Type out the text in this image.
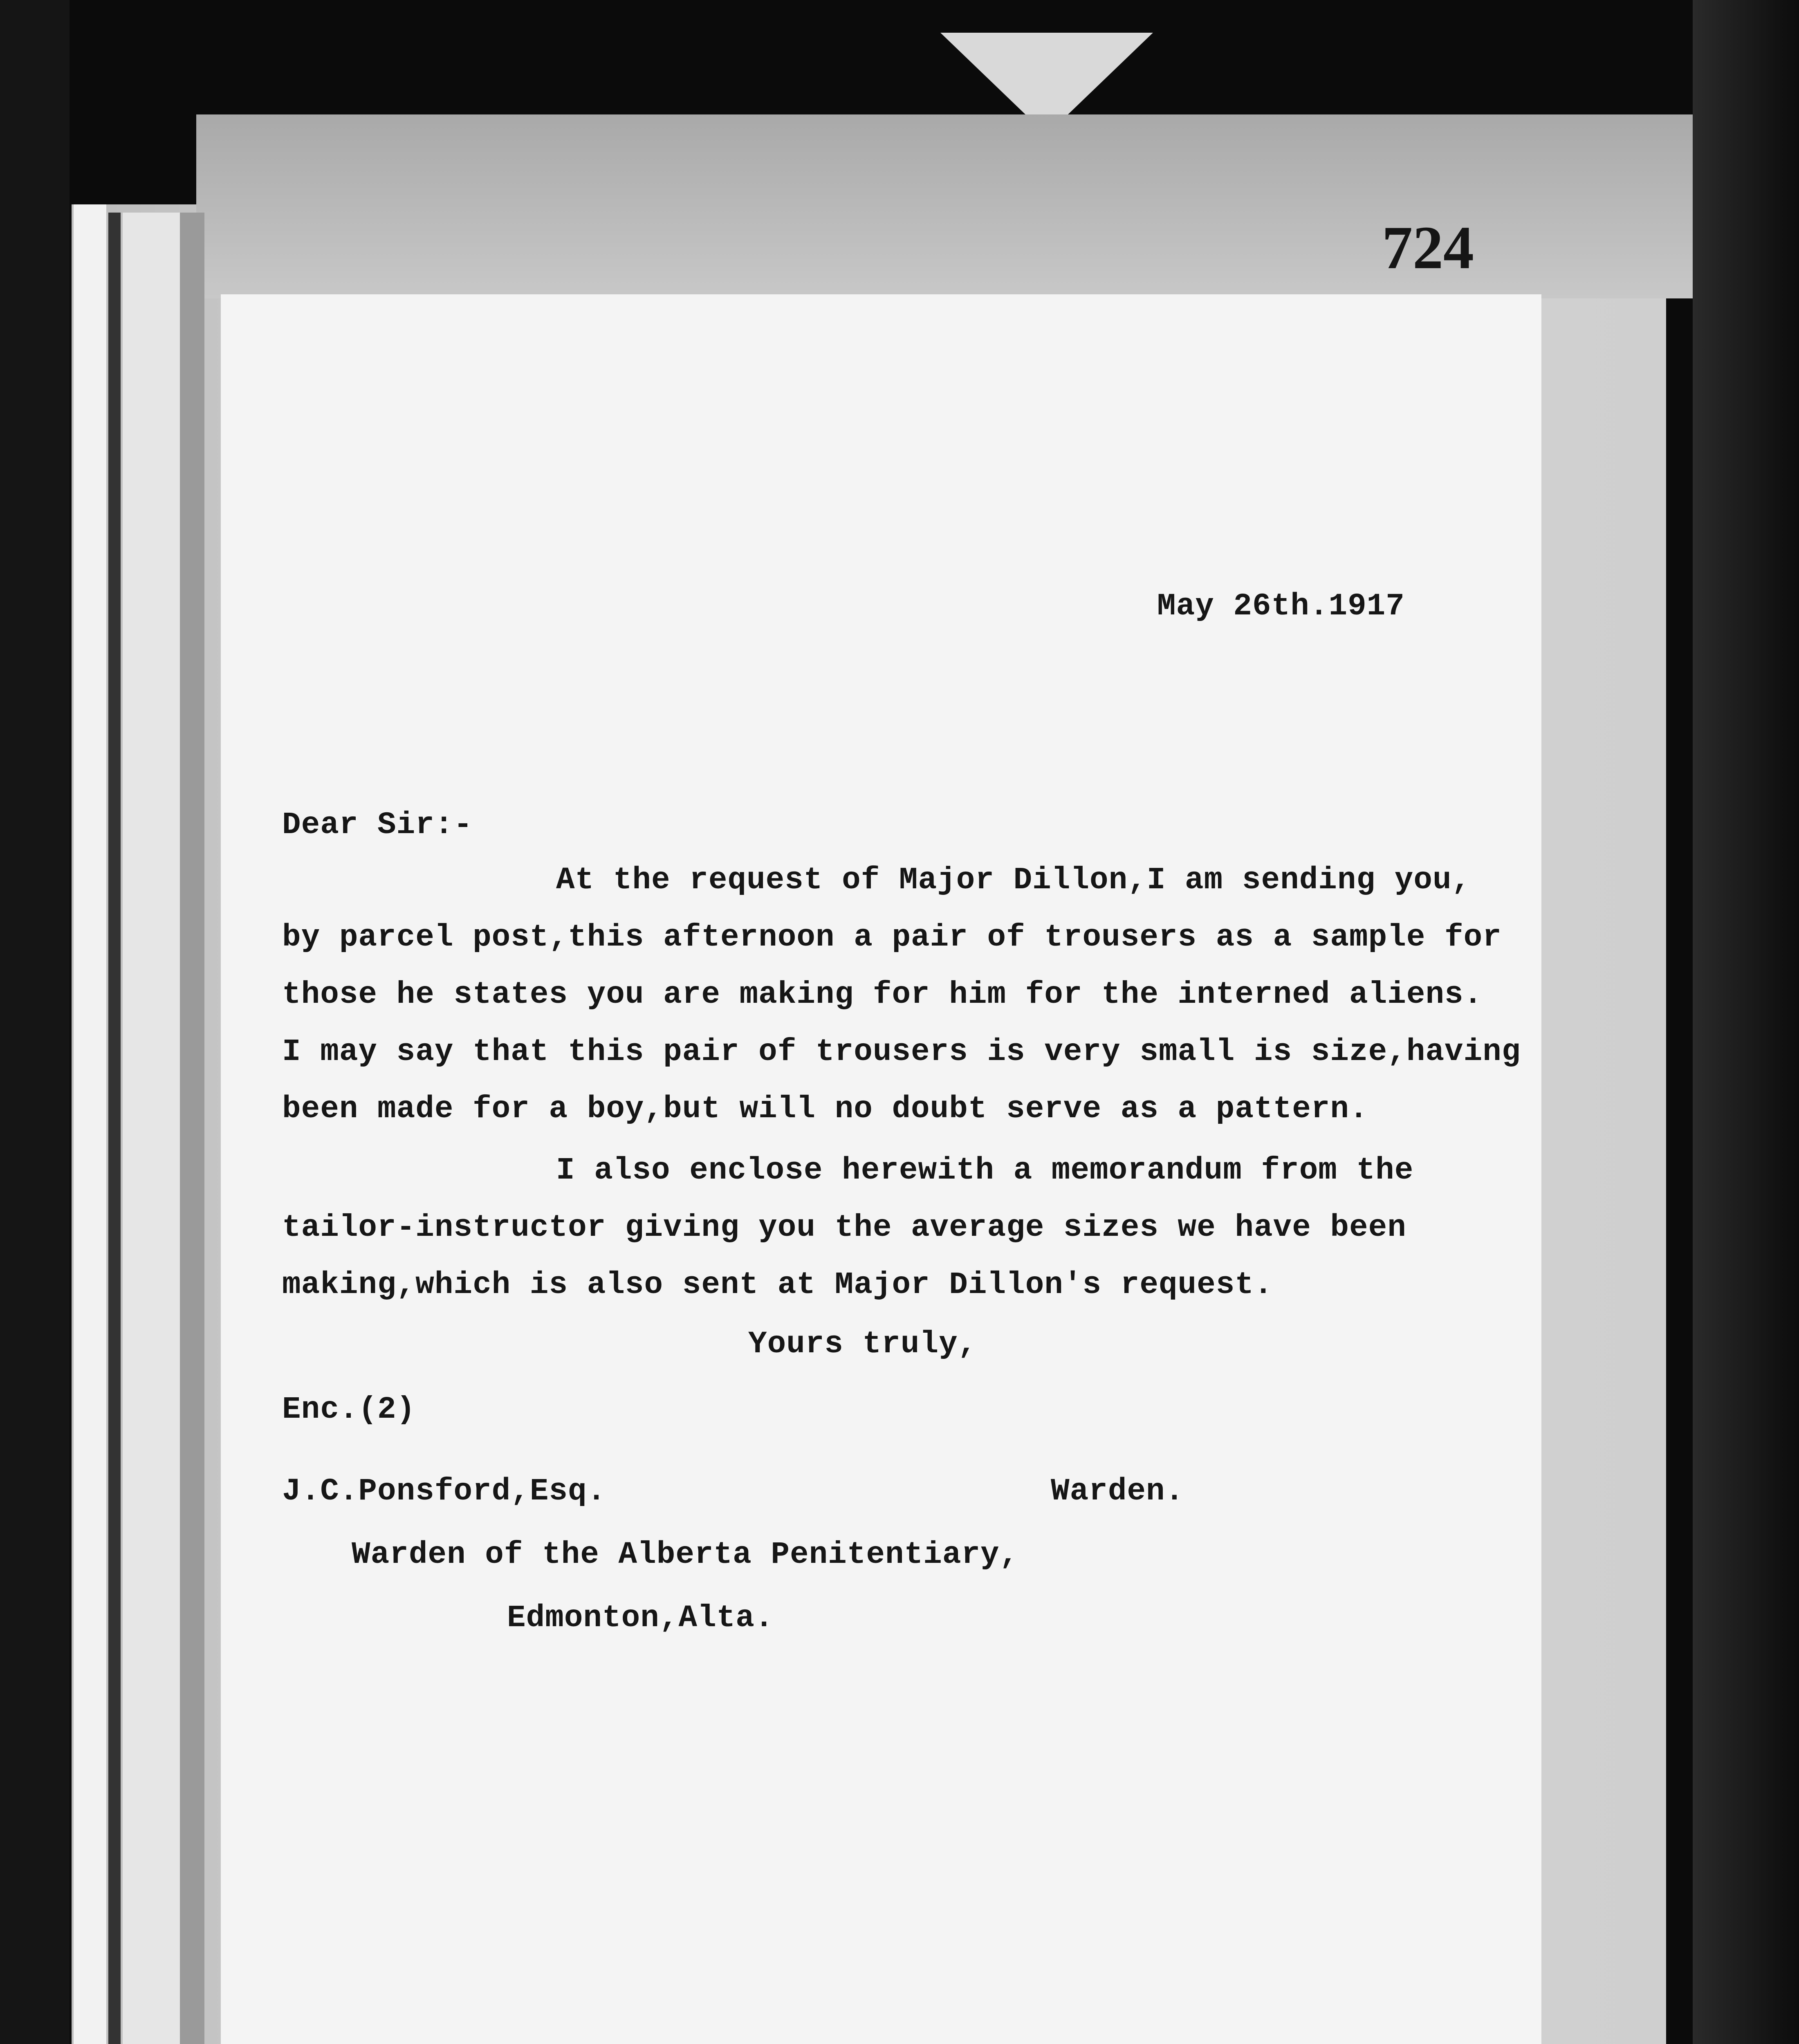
724
May 26th.1917
Dear Sir:-
At the request of Major Dillon,I am sending you,
by parcel post,this afternoon a pair of trousers as a sample for
those he states you are making for him for the interned aliens.
I may say that this pair of trousers is very small is size,having
been made for a boy,but will no doubt serve as a pattern.
I also enclose herewith a memorandum from the
tailor-instructor giving you the average sizes we have been
making,which is also sent at Major Dillon's request.
Yours truly,
Enc.(2)
J.C.Ponsford,Esq.	Warden.
Warden of the Alberta Penitentiary,
Edmonton,Alta.
